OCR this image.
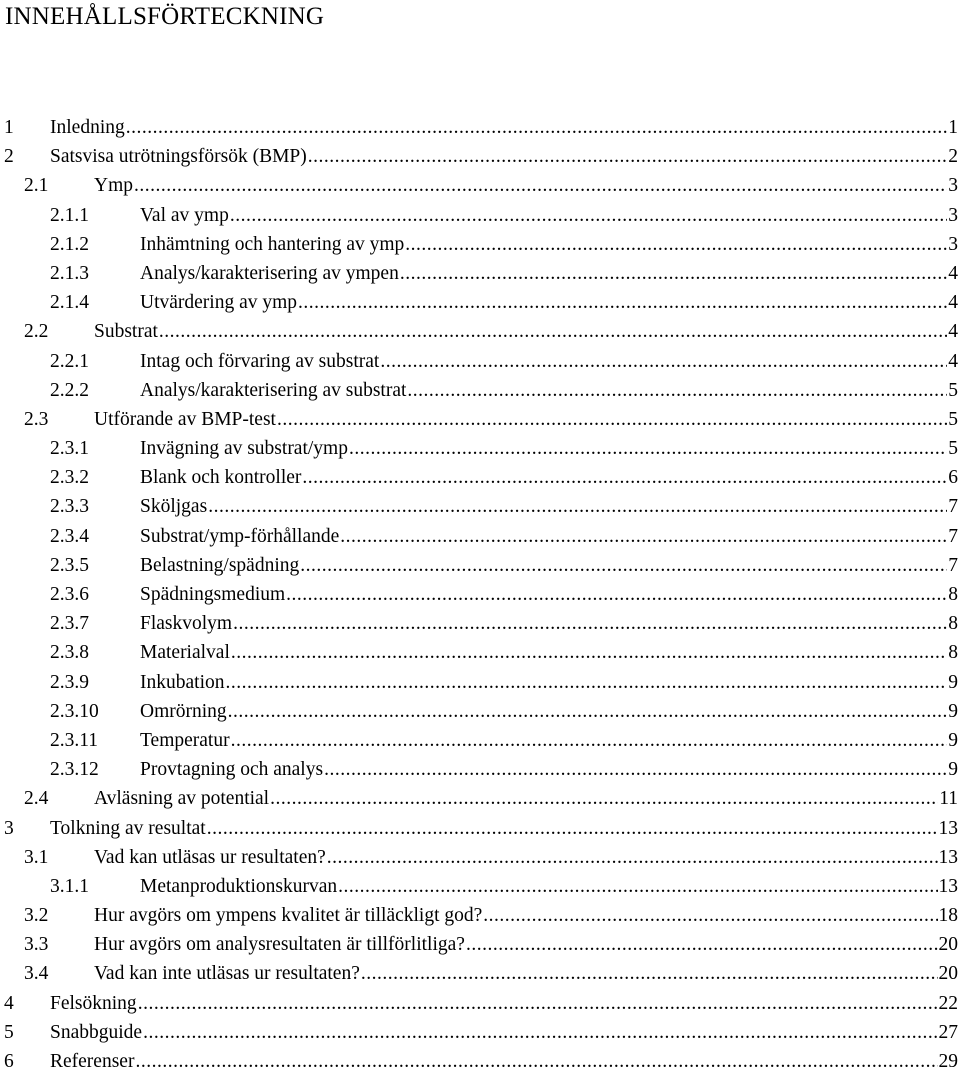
INNEHÅLLSFÖRTECKNING
1 Inledning .....	1
2 Satsvisa utrötningsförsök (BMP) .....	2
2.1 Ymp .....	3
2.1.1	Val av ymp .....	3
2.1.2	Inhämtning och hantering av ymp .....	3
2.1.3	Analys/karakterisering av ympen .....	4
2.1.4	Utvärdering av ymp .....	4
2.2 Substrat .....	4
2.2.1	Intag och förvaring av substrat .....	4
2.2.2	Analys/karakterisering av substrat .....	5
2.3 Utförande av BMP-test .....	5
2.3.1	Invägning av substrat/ymp .....	5
2.3.2	Blank och kontroller .....	6
2.3.3	Sköljgas .....	7
2.3.4	Substrat/ymp-förhållande .....	7
2.3.5	Belastning/spädning .....	7
2.3.6	Spädningsmedium .....	8
2.3.7	Flaskvolym .....	8
2.3.8	Materialval .....	8
2.3.9	Inkubation .....	9
2.3.10 Omrörning .....	9
2.3.11 Temperatur .....	9
2.3.12 Provtagning och analys .....	9
2.4 Avläsning av potential .....	11
3 Tolkning av resultat .....	13
3.1 Vad kan utläsas ur resultaten? .....	13
3.1.1	Metanproduktionskurvan .....	13
3.2 Hur avgörs om ympens kvalitet är tilläckligt god? .....	18
3.3 Hur avgörs om analysresultaten är tillförlitliga? .....	20
3.4 Vad kan inte utläsas ur resultaten? .....	20
4 Felsökning .....	22
5 Snabbguide .....	27
6 Referenser .....	29
